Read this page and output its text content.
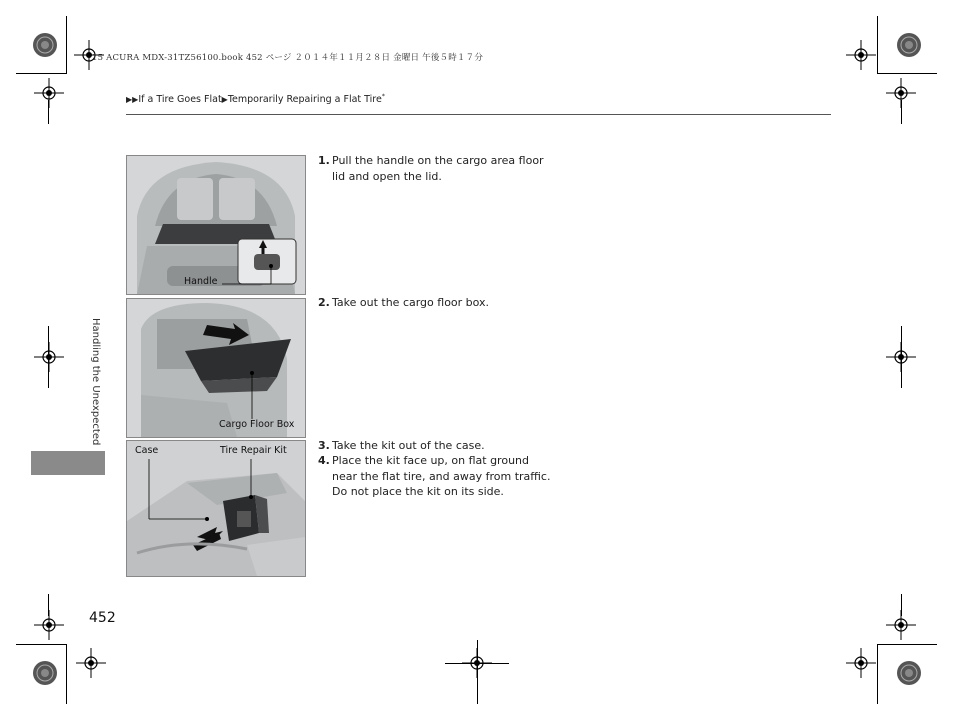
15 ACURA MDX-31TZ56100.book 452 ページ ２０１４年１１月２８日 金曜日 午後５時１７分
▶▶If a Tire Goes Flat▶Temporarily Repairing a Flat Tire*
Handling the Unexpected
Handle
Cargo Floor Box
Case	Tire Repair Kit
1. Pull the handle on the cargo area floor lid and open the lid.
2. Take out the cargo floor box.
3. Take the kit out of the case.
4. Place the kit face up, on flat ground near the flat tire, and away from traffic. Do not place the kit on its side.
452
